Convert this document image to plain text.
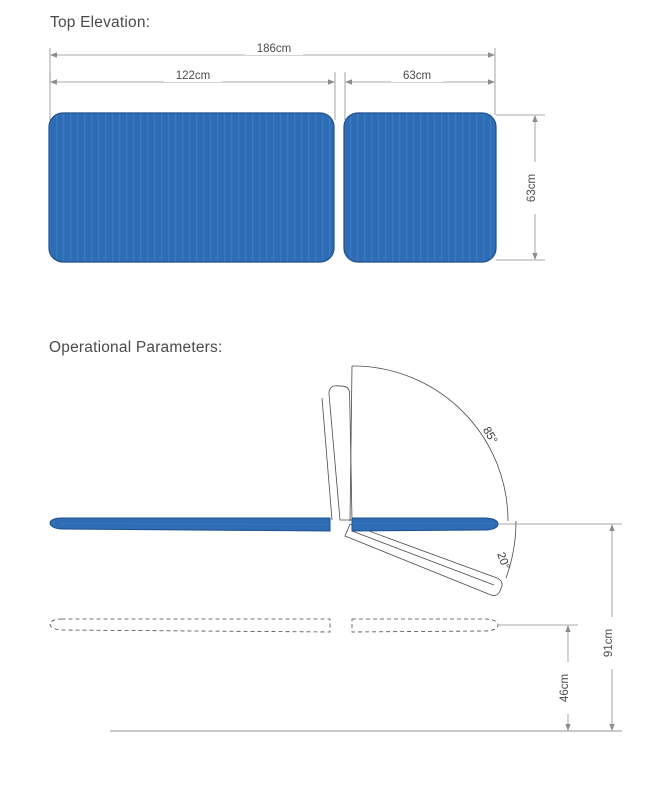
Top Elevation:
Operational Parameters:
186cm
122cm	63cm
63cm
85°
20°
91cm
46cm
